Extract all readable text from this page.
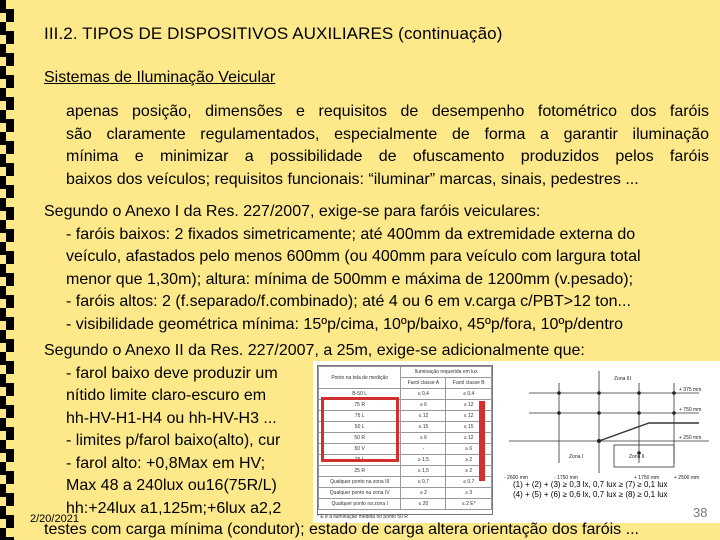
III.2. TIPOS DE DISPOSITIVOS AUXILIARES (continuação)
Sistemas de Iluminação Veicular
apenas posição, dimensões e requisitos de desempenho fotométrico dos faróis
são claramente regulamentados, especialmente de forma a garantir iluminação
mínima e minimizar a possibilidade de ofuscamento produzidos pelos faróis
baixos dos veículos; requisitos funcionais: “iluminar” marcas, sinais, pedestres ...
Segundo o Anexo I da Res. 227/2007, exige-se para faróis veiculares:
- faróis baixos: 2 fixados simetricamente; até 400mm da extremidade externa do
veículo, afastados pelo menos 600mm (ou 400mm para veículo com largura total
menor que 1,30m); altura: mínima de 500mm e máxima de 1200mm (v.pesado);
- faróis altos: 2 (f.separado/f.combinado); até 4 ou 6 em v.carga c/PBT>12 ton...
- visibilidade geométrica mínima: 15ºp/cima, 10ºp/baixo, 45ºp/fora, 10ºp/dentro
Segundo o Anexo II da Res. 227/2007, a 25m, exige-se adicionalmente que:
- farol baixo deve produzir um
nítido limite claro-escuro em
hh-HV-H1-H4 ou hh-HV-H3 ...
- limites p/farol baixo(alto), cur
- farol alto: +0,8Max em HV;
Max 48 a 240lux ou16(75R/L)
hh:+24lux a1,125m;+6lux a2,2
Ponto na tela de medição	Iluminação requerida em lux	
	Farol classe A	Farol classe B
B-50 L	≤ 0,4	≤ 0,4
75 R	≥ 6	≥ 12
75 L	≤ 12	≤ 12
50 L	≤ 15	≤ 15
50 R	≥ 6	≥ 12
50 V	-	≥ 6
25 L	≥ 1,5	≥ 2
25 R	≥ 1,5	≥ 2
Qualquer ponto na zona III	≤ 0,7	≤ 0,7
Qualquer ponto na zona IV	≥ 2	≥ 3
Qualquer ponto na zona I	≤ 20	≤ 2 E*
* E é a iluminação medida no ponto 50 R
Zona III
Zona II
Zona I
- 2600 mm	- 1750 mm	+ 1750 mm	+ 2500 mm
+ 375 mm
+ 750 mm
+ 250 mm
(1) + (2) + (3) ≥ 0,3 lx, 0,7 lux ≥ (7) ≥ 0,1 lux
(4) + (5) + (6) ≥ 0,6 lx, 0,7 lux ≥ (8) ≥ 0,1 lux
2/20/2021	38
testes com carga mínima (condutor); estado de carga altera orientação dos faróis ...
